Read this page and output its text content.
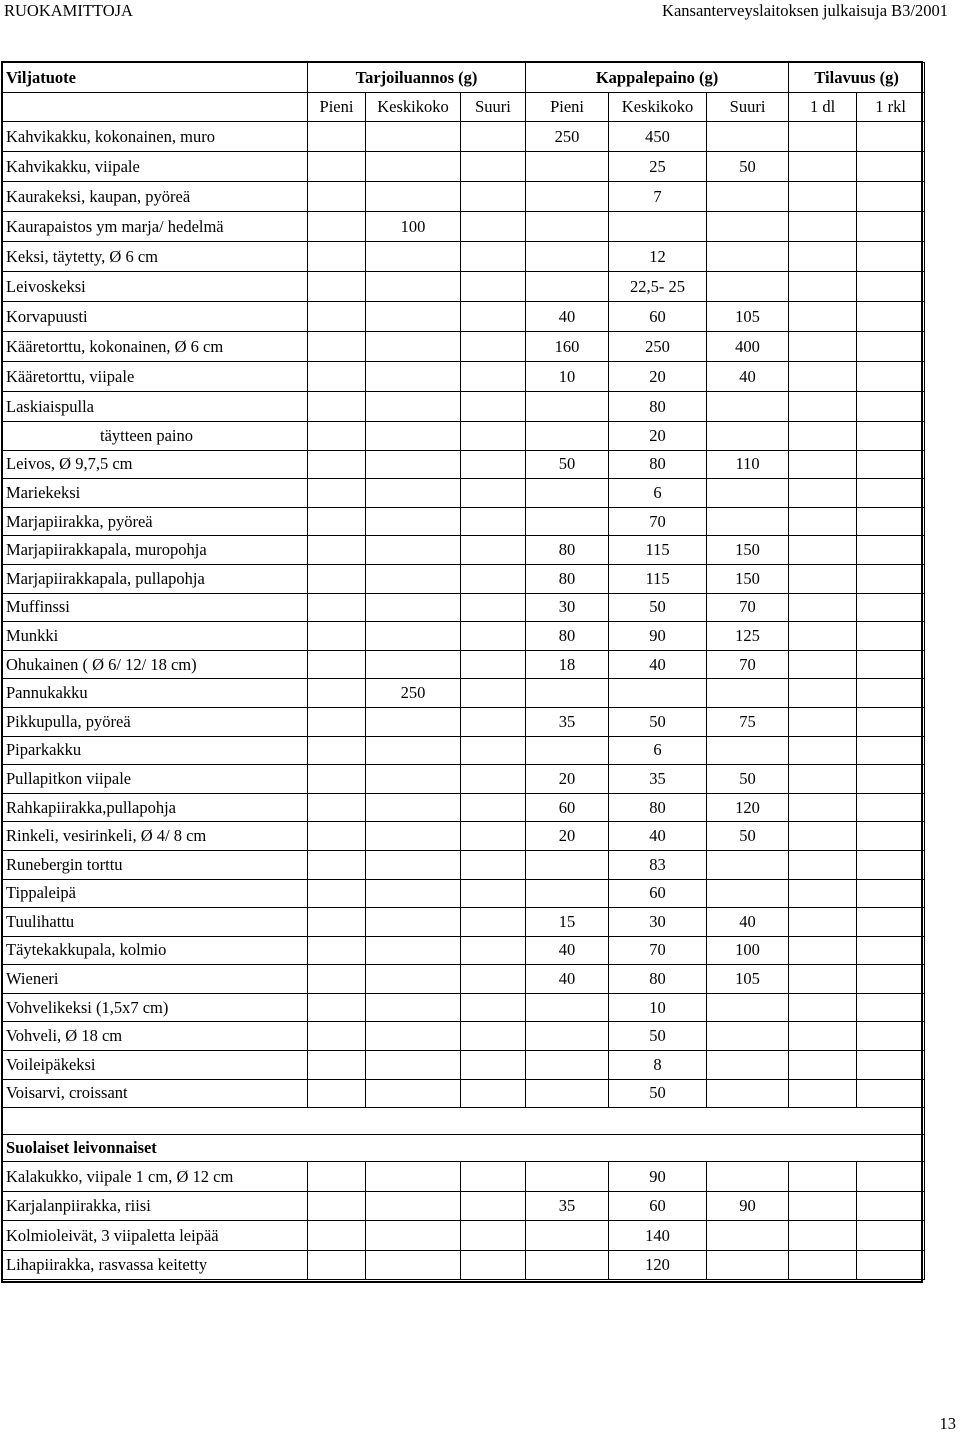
RUOKAMITTOJA	Kansanterveyslaitoksen julkaisuja B3/2001
Viljatuote	Tarjoiluannos (g)			Kappalepaino (g)			Tilavuus (g)	
	Pieni	Keskikoko	Suuri	Pieni	Keskikoko	Suuri	1 dl	1 rkl
Kahvikakku, kokonainen, muro				250	450			
Kahvikakku, viipale					25	50		
Kaurakeksi, kaupan, pyöreä					7			
Kaurapaistos ym marja/ hedelmä		100						
Keksi, täytetty, Ø 6 cm					12			
Leivoskeksi					22,5- 25			
Korvapuusti				40	60	105		
Kääretorttu, kokonainen, Ø 6 cm				160	250	400		
Kääretorttu, viipale				10	20	40		
Laskiaispulla					80			
täytteen paino					20			
Leivos, Ø 9,7,5 cm				50	80	110		
Mariekeksi					6			
Marjapiirakka, pyöreä					70			
Marjapiirakkapala, muropohja				80	115	150		
Marjapiirakkapala, pullapohja				80	115	150		
Muffinssi				30	50	70		
Munkki				80	90	125		
Ohukainen ( Ø 6/ 12/ 18 cm)				18	40	70		
Pannukakku		250						
Pikkupulla, pyöreä				35	50	75		
Piparkakku					6			
Pullapitkon viipale				20	35	50		
Rahkapiirakka,pullapohja				60	80	120		
Rinkeli, vesirinkeli, Ø 4/ 8 cm				20	40	50		
Runebergin torttu					83			
Tippaleipä					60			
Tuulihattu				15	30	40		
Täytekakkupala, kolmio				40	70	100		
Wieneri				40	80	105		
Vohvelikeksi (1,5x7 cm)					10			
Vohveli, Ø 18 cm					50			
Voileipäkeksi					8			
Voisarvi, croissant					50			

Suolaiset leivonnaiset								
Kalakukko, viipale 1 cm, Ø 12 cm					90			
Karjalanpiirakka, riisi				35	60	90		
Kolmioleivät, 3 viipaletta leipää					140			
Lihapiirakka, rasvassa keitetty					120			
13
